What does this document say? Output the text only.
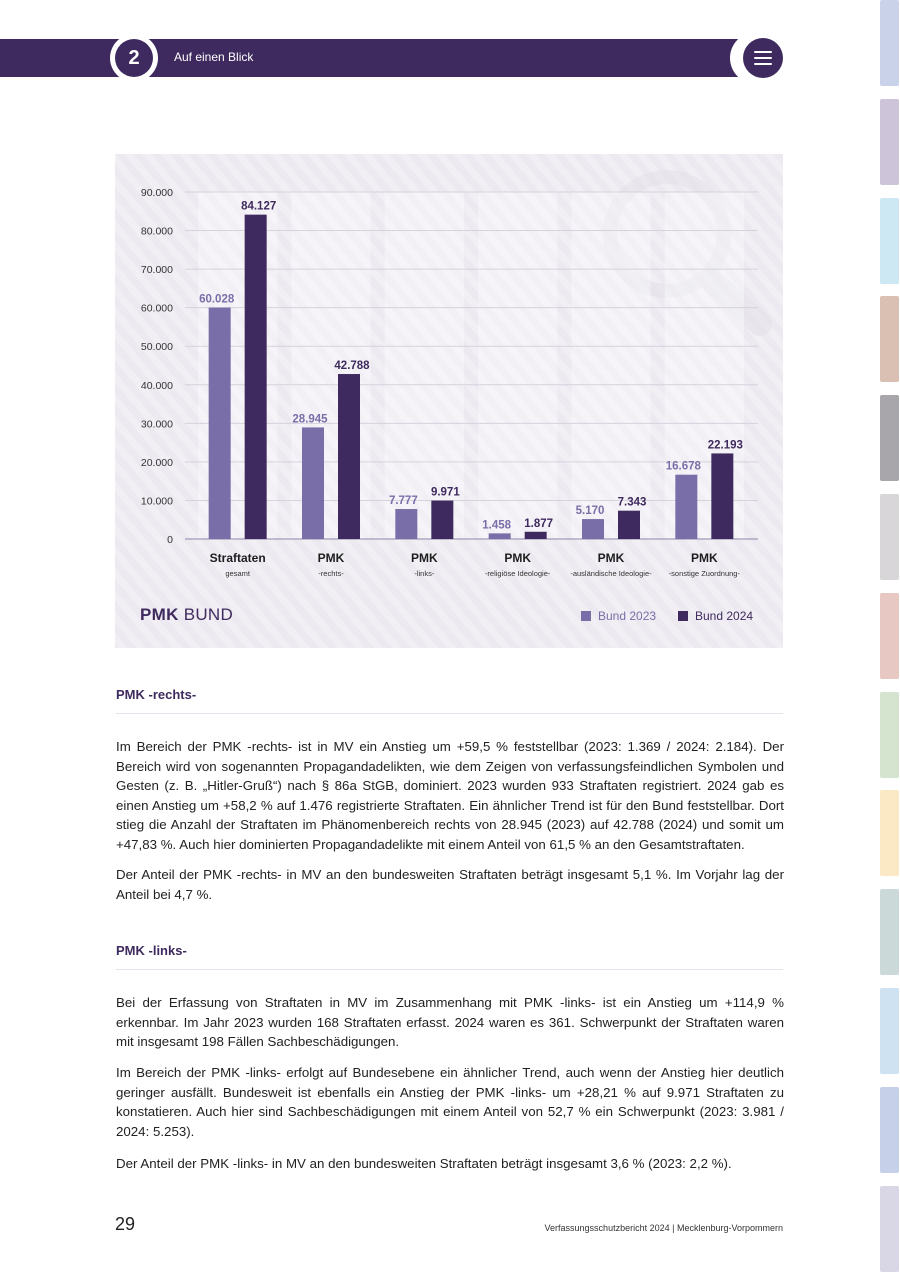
2	Auf einen Blick
0
10.000
20.000
30.000
40.000
50.000
60.000
70.000
80.000
90.000
60.028
84.127
Straftaten
gesamt
28.945
42.788
PMK
-rechts-
7.777
9.971
PMK
-links-
1.458 1.877
PMK
-religiöse Ideologie-
5.170
7.343
PMK
-ausländische Ideologie-
16.678
22.193
PMK
-sonstige Zuordnung-
PMK BUND	Bund 2023	Bund 2024
PMK -rechts-
Im Bereich der PMK -rechts- ist in MV ein Anstieg um +59,5 % feststellbar (2023: 1.369 / 2024: 2.184). Der Bereich wird von sogenannten Propagandadelikten, wie dem Zeigen von verfassungsfeindlichen Symbolen und Gesten (z. B. „Hitler-Gruß“) nach § 86a StGB, dominiert. 2023 wurden 933 Straftaten registriert. 2024 gab es einen Anstieg um +58,2 % auf 1.476 registrierte Straftaten. Ein ähnlicher Trend ist für den Bund feststellbar. Dort stieg die Anzahl der Straftaten im Phänomenbereich rechts von 28.945 (2023) auf 42.788 (2024) und somit um +47,83 %. Auch hier dominierten Propagandadelikte mit einem Anteil von 61,5 % an den Gesamtstraftaten.
Der Anteil der PMK -rechts- in MV an den bundesweiten Straftaten beträgt insgesamt 5,1 %. Im Vorjahr lag der Anteil bei 4,7 %.
PMK -links-
Bei der Erfassung von Straftaten in MV im Zusammenhang mit PMK -links- ist ein Anstieg um +114,9 % erkennbar. Im Jahr 2023 wurden 168 Straftaten erfasst. 2024 waren es 361. Schwerpunkt der Straftaten waren mit insgesamt 198 Fällen Sachbeschädigungen.
Im Bereich der PMK -links- erfolgt auf Bundesebene ein ähnlicher Trend, auch wenn der Anstieg hier deutlich geringer ausfällt. Bundesweit ist ebenfalls ein Anstieg der PMK -links- um +28,21 % auf 9.971 Straftaten zu konstatieren. Auch hier sind Sachbeschädigungen mit einem Anteil von 52,7 % ein Schwerpunkt (2023: 3.981 / 2024: 5.253).
Der Anteil der PMK -links- in MV an den bundesweiten Straftaten beträgt insgesamt 3,6 % (2023: 2,2 %).
29	Verfassungsschutzbericht 2024 | Mecklenburg-Vorpommern
